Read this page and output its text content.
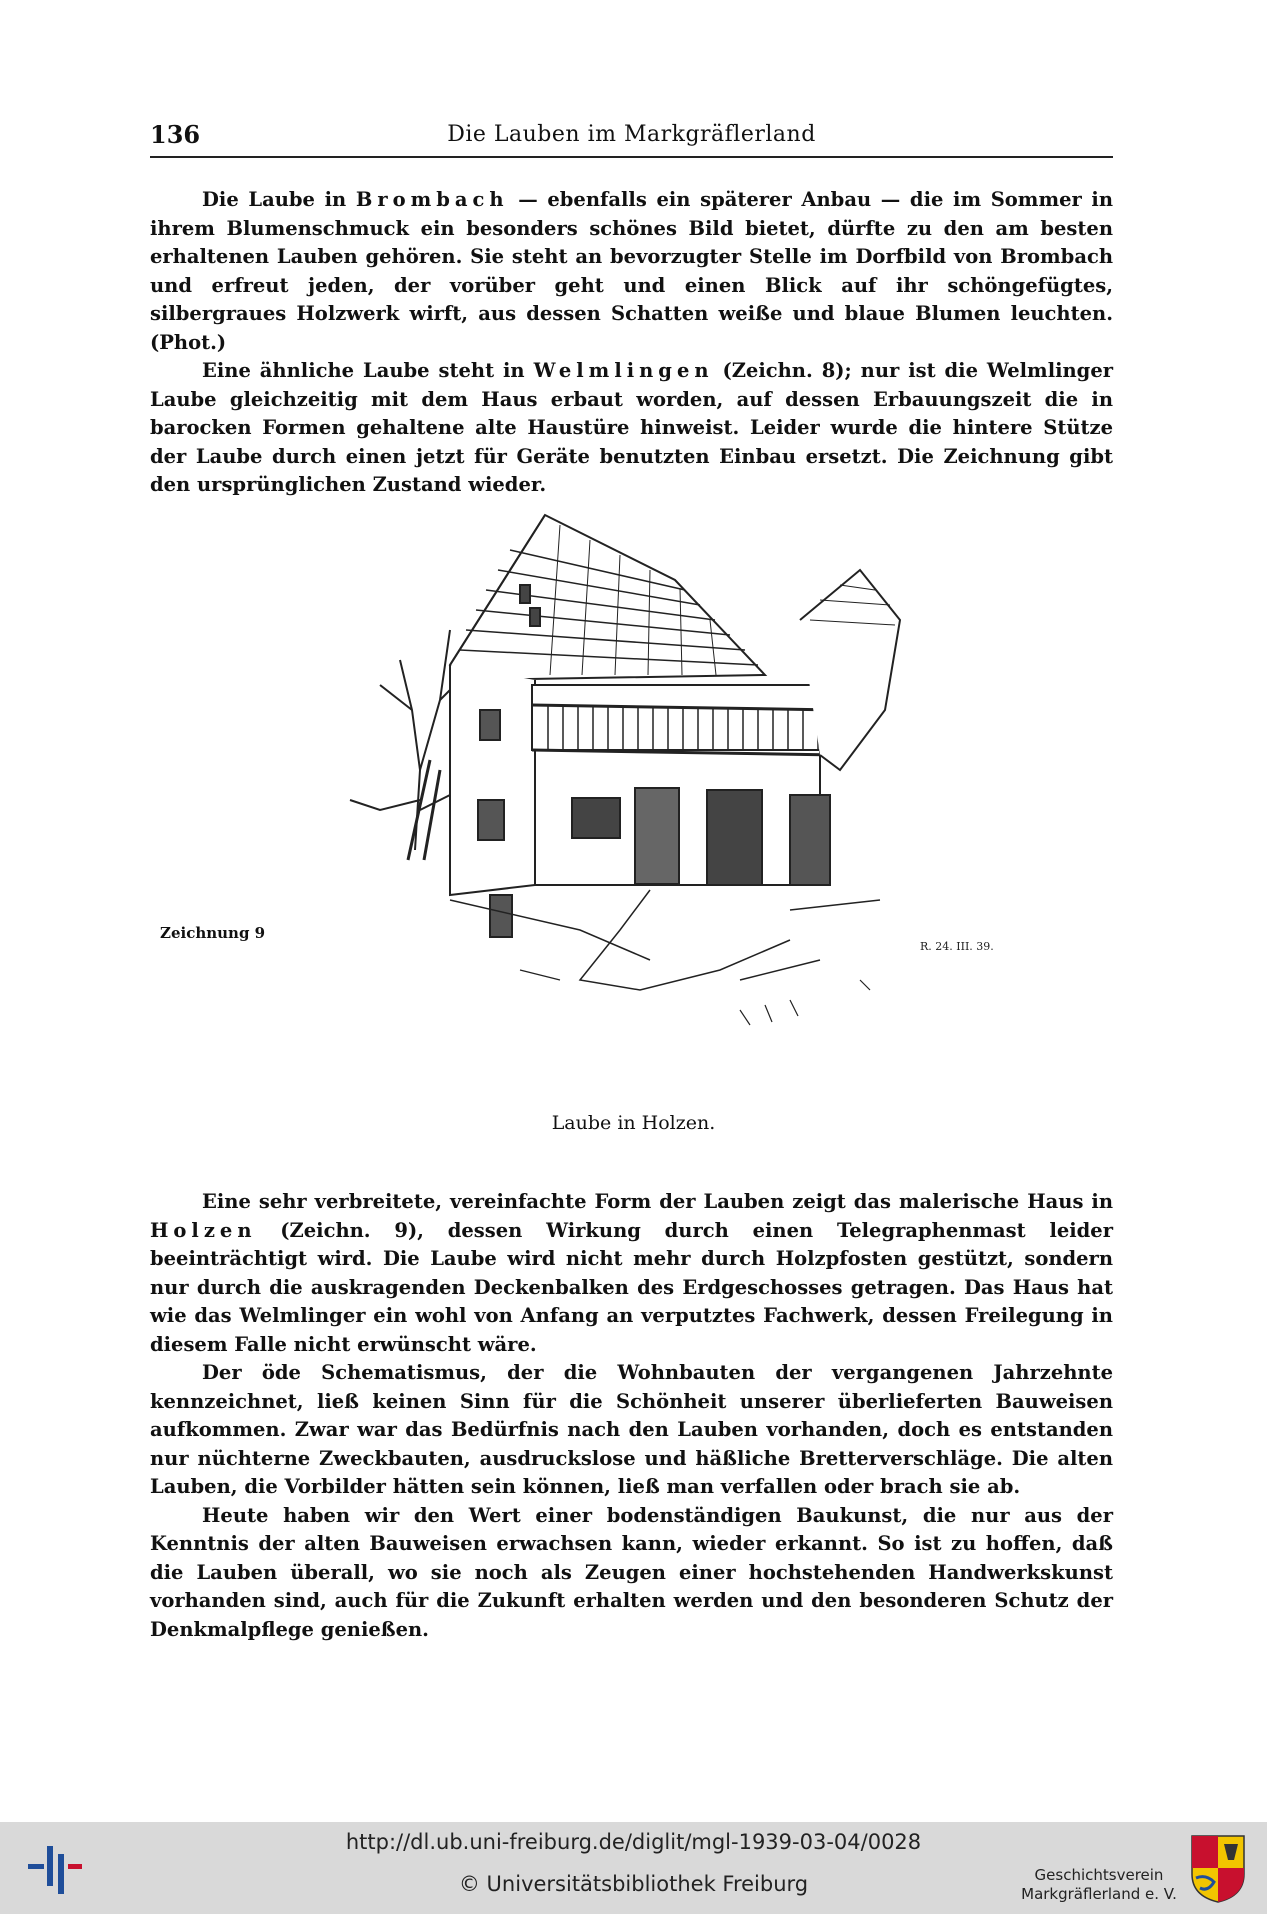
136	Die Lauben im Markgräflerland

Die Laube in Brombach — ebenfalls ein späterer Anbau — die im Sommer in ihrem Blumenschmuck ein besonders schönes Bild bietet, dürfte zu den am besten erhaltenen Lauben gehören. Sie steht an bevorzugter Stelle im Dorfbild von Brombach und erfreut jeden, der vorüber geht und einen Blick auf ihr schöngefügtes, silbergraues Holzwerk wirft, aus dessen Schatten weiße und blaue Blumen leuchten. (Phot.)

Eine ähnliche Laube steht in Welmlingen (Zeichn. 8); nur ist die Welmlinger Laube gleichzeitig mit dem Haus erbaut worden, auf dessen Erbauungszeit die in barocken Formen gehaltene alte Haustüre hinweist. Leider wurde die hintere Stütze der Laube durch einen jetzt für Geräte benutzten Einbau ersetzt. Die Zeichnung gibt den ursprünglichen Zustand wieder.

Zeichnung 9
R. 24. III. 39.
Laube in Holzen.

Eine sehr verbreitete, vereinfachte Form der Lauben zeigt das malerische Haus in Holzen (Zeichn. 9), dessen Wirkung durch einen Telegraphenmast leider beeinträchtigt wird. Die Laube wird nicht mehr durch Holzpfosten gestützt, sondern nur durch die auskragenden Deckenbalken des Erdgeschosses getragen. Das Haus hat wie das Welmlinger ein wohl von Anfang an verputztes Fachwerk, dessen Freilegung in diesem Falle nicht erwünscht wäre.

Der öde Schematismus, der die Wohnbauten der vergangenen Jahrzehnte kennzeichnet, ließ keinen Sinn für die Schönheit unserer überlieferten Bauweisen aufkommen. Zwar war das Bedürfnis nach den Lauben vorhanden, doch es entstanden nur nüchterne Zweckbauten, ausdruckslose und häßliche Bretterverschläge. Die alten Lauben, die Vorbilder hätten sein können, ließ man verfallen oder brach sie ab.

Heute haben wir den Wert einer bodenständigen Baukunst, die nur aus der Kenntnis der alten Bauweisen erwachsen kann, wieder erkannt. So ist zu hoffen, daß die Lauben überall, wo sie noch als Zeugen einer hochstehenden Handwerkskunst vorhanden sind, auch für die Zukunft erhalten werden und den besonderen Schutz der Denkmalpflege genießen.

http://dl.ub.uni-freiburg.de/diglit/mgl-1939-03-04/0028
© Universitätsbibliothek Freiburg	Geschichtsverein
Markgräflerland e. V.
